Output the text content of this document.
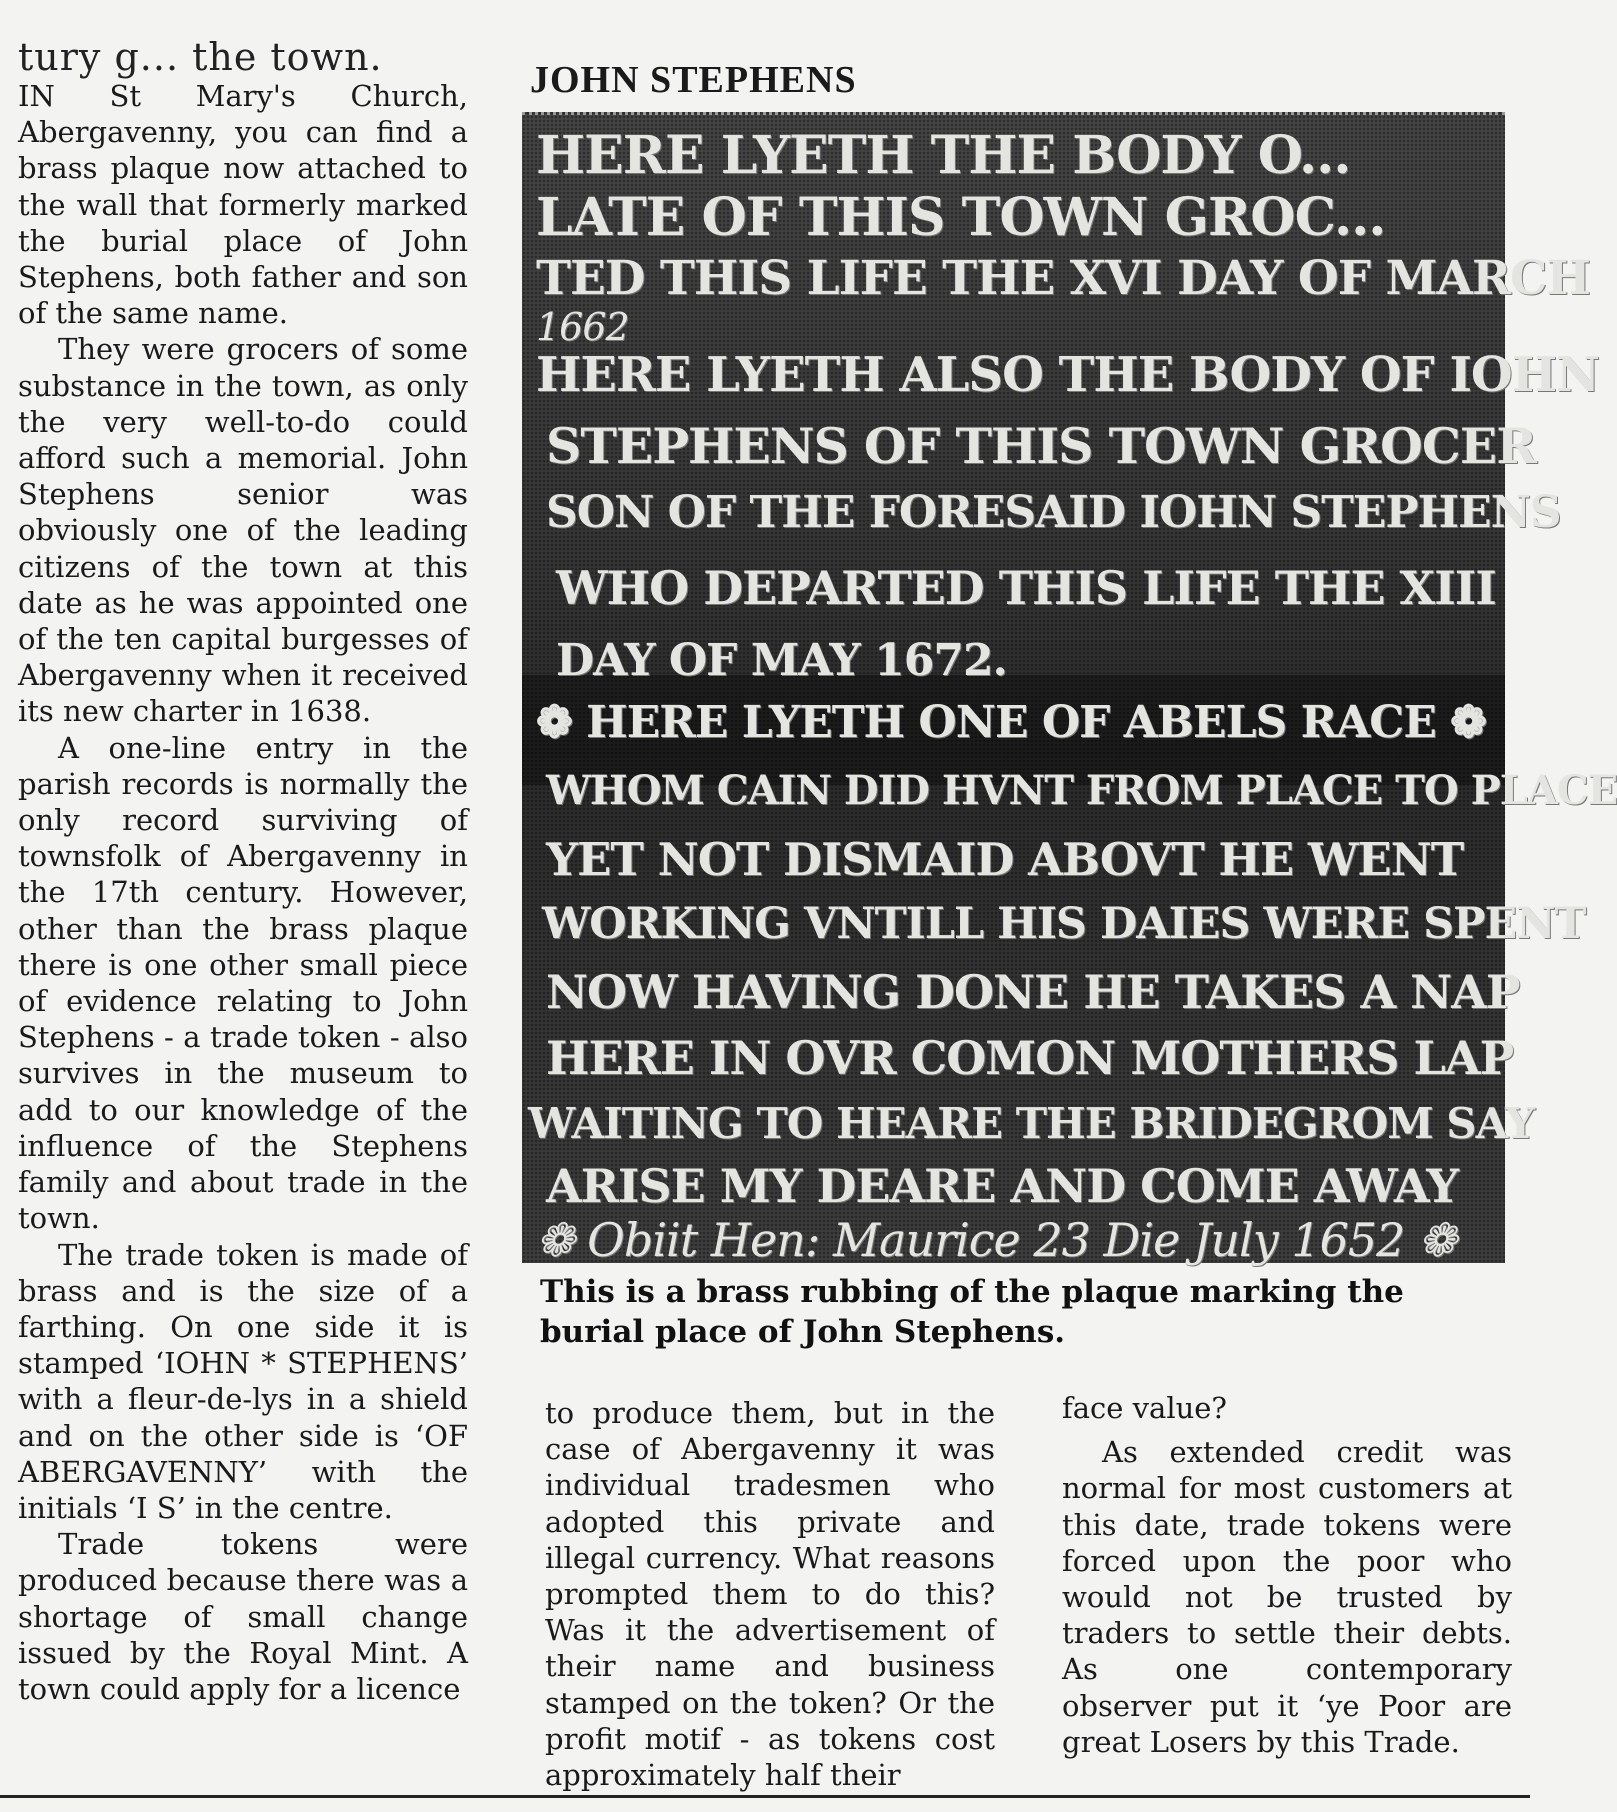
tury g... the town.

IN St Mary's Church, Abergavenny, you can find a brass plaque now attached to the wall that formerly marked the burial place of John Stephens, both father and son of the same name.

They were grocers of some substance in the town, as only the very well-to-do could afford such a memorial. John Stephens senior was obviously one of the leading citizens of the town at this date as he was appointed one of the ten capital burgesses of Abergavenny when it received its new charter in 1638.

A one-line entry in the parish records is normally the only record surviving of townsfolk of Abergavenny in the 17th century. However, other than the brass plaque there is one other small piece of evidence relating to John Stephens - a trade token - also survives in the museum to add to our knowledge of the influence of the Stephens family and about trade in the town.

The trade token is made of brass and is the size of a farthing. On one side it is stamped ‘IOHN * STEPHENS’ with a fleur-de-lys in a shield and on the other side is ‘OF ABERGAVENNY’ with the initials ‘I S’ in the centre.

Trade tokens were produced because there was a shortage of small change issued by the Royal Mint. A town could apply for a licence

JOHN STEPHENS
HERE LYETH THE BODY O...
LATE OF THIS TOWN GROC...
TED THIS LIFE THE XVI DAY OF MARCH
1662
HERE LYETH ALSO THE BODY OF IOHN
STEPHENS OF THIS TOWN GROCER
SON OF THE FORESAID IOHN STEPHENS
WHO DEPARTED THIS LIFE THE XIII
DAY OF MAY 1672.
❁ HERE LYETH ONE OF ABELS RACE ❁
WHOM CAIN DID HVNT FROM PLACE TO PLACE
YET NOT DISMAID ABOVT HE WENT
WORKING VNTILL HIS DAIES WERE SPENT
NOW HAVING DONE HE TAKES A NAP
HERE IN OVR COMON MOTHERS LAP
WAITING TO HEARE THE BRIDEGROM SAY
ARISE MY DEARE AND COME AWAY
❁ Obiit Hen: Maurice 23 Die July 1652 ❁
This is a brass rubbing of the plaque marking the burial place of John Stephens.

to produce them, but in the case of Abergavenny it was individual tradesmen who adopted this private and illegal currency. What reasons prompted them to do this? Was it the advertisement of their name and business stamped on the token? Or the profit motif - as tokens cost approximately half their

face value?

As extended credit was normal for most customers at this date, trade tokens were forced upon the poor who would not be trusted by traders to settle their debts. As one contemporary observer put it ‘ye Poor are great Losers by this Trade.
